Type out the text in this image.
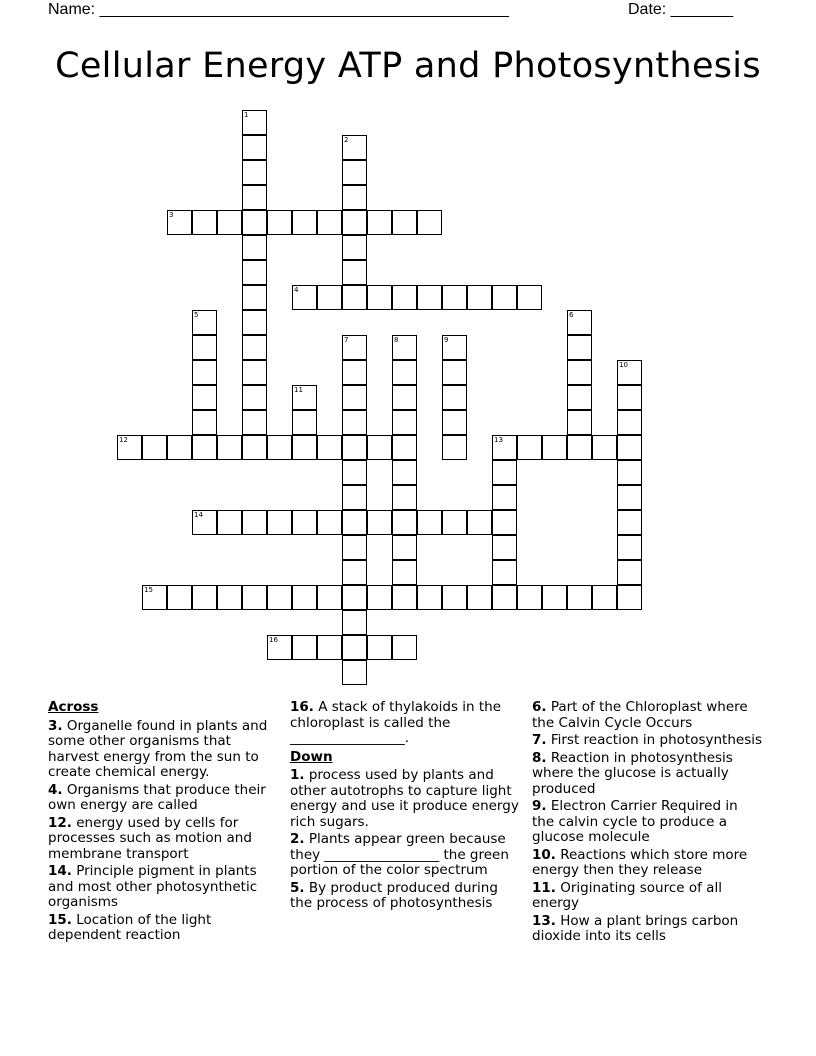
Name: ______________________________________________	Date: _______
Cellular Energy ATP and Photosynthesis
1
2
3
4
5	6
7	8	9
10
11
12	13
14
15
16
Across
3. Organelle found in plants and some other organisms that harvest energy from the sun to create chemical energy.
4. Organisms that produce their own energy are called
12. energy used by cells for processes such as motion and membrane transport
14. Principle pigment in plants and most other photosynthetic organisms
15. Location of the light dependent reaction
16. A stack of thylakoids in the chloroplast is called the _________________.
Down
1. process used by plants and other autotrophs to capture light energy and use it produce energy rich sugars.
2. Plants appear green because they _________________ the green portion of the color spectrum
5. By product produced during the process of photosynthesis
6. Part of the Chloroplast where the Calvin Cycle Occurs
7. First reaction in photosynthesis
8. Reaction in photosynthesis where the glucose is actually produced
9. Electron Carrier Required in the calvin cycle to produce a glucose molecule
10. Reactions which store more energy then they release
11. Originating source of all energy
13. How a plant brings carbon dioxide into its cells
